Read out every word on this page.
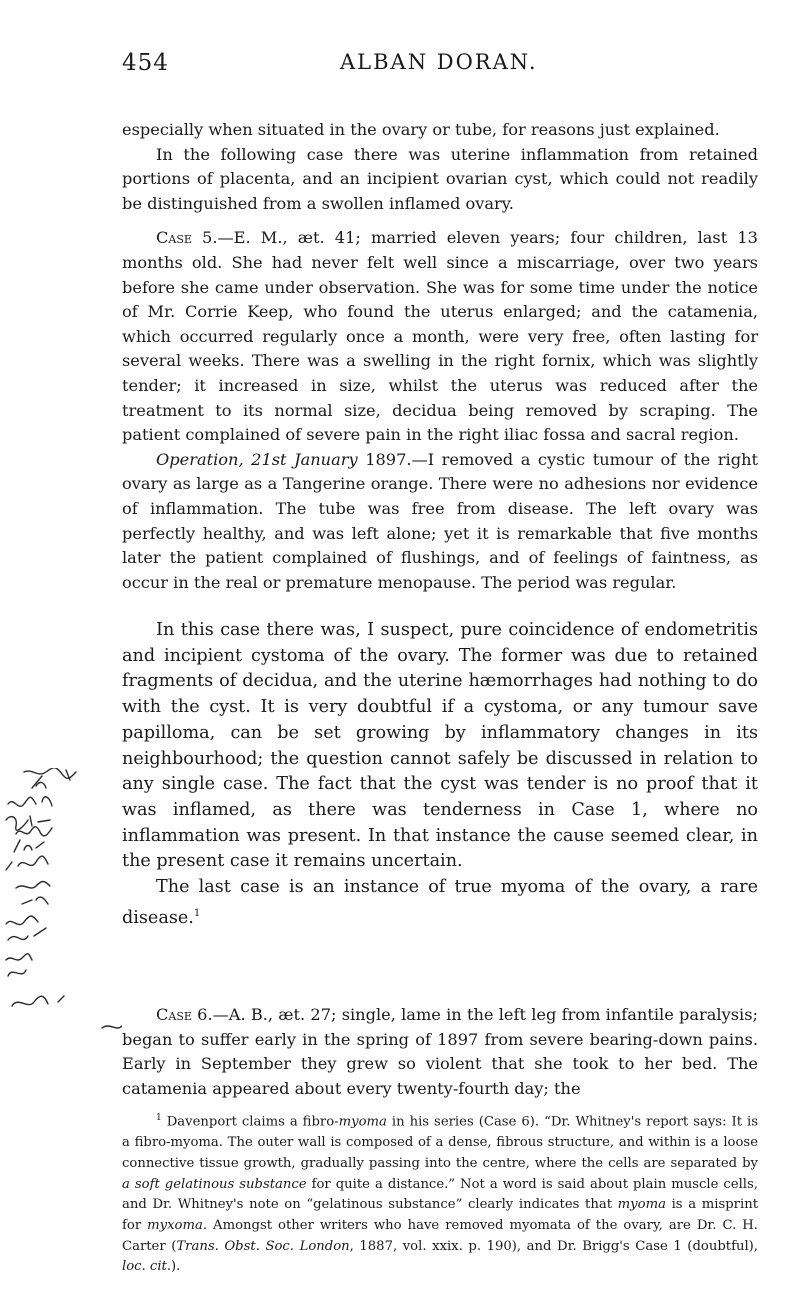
454	ALBAN DORAN.

especially when situated in the ovary or tube, for reasons just explained.

In the following case there was uterine inflammation from retained portions of placenta, and an incipient ovarian cyst, which could not readily be distinguished from a swollen inflamed ovary.

Case 5.—E. M., æt. 41; married eleven years; four children, last 13 months old. She had never felt well since a miscarriage, over two years before she came under observation. She was for some time under the notice of Mr. Corrie Keep, who found the uterus enlarged; and the catamenia, which occurred regularly once a month, were very free, often lasting for several weeks. There was a swelling in the right fornix, which was slightly tender; it increased in size, whilst the uterus was reduced after the treatment to its normal size, decidua being removed by scraping. The patient complained of severe pain in the right iliac fossa and sacral region.

Operation, 21st January 1897.—I removed a cystic tumour of the right ovary as large as a Tangerine orange. There were no adhesions nor evidence of inflammation. The tube was free from disease. The left ovary was perfectly healthy, and was left alone; yet it is remarkable that five months later the patient complained of flushings, and of feelings of faintness, as occur in the real or premature menopause. The period was regular.

In this case there was, I suspect, pure coincidence of endometritis and incipient cystoma of the ovary. The former was due to retained fragments of decidua, and the uterine hæmorrhages had nothing to do with the cyst. It is very doubtful if a cystoma, or any tumour save papilloma, can be set growing by inflammatory changes in its neighbourhood; the question cannot safely be discussed in relation to any single case. The fact that the cyst was tender is no proof that it was inflamed, as there was tenderness in Case 1, where no inflammation was present. In that instance the cause seemed clear, in the present case it remains uncertain.

The last case is an instance of true myoma of the ovary, a rare disease.$^1$

Case 6.—A. B., æt. 27; single, lame in the left leg from infantile paralysis; began to suffer early in the spring of 1897 from severe bearing-down pains. Early in September they grew so violent that she took to her bed. The catamenia appeared about every twenty-fourth day; the

$^1$ Davenport claims a fibro-myoma in his series (Case 6). “Dr. Whitney's report says: It is a fibro-myoma. The outer wall is composed of a dense, fibrous structure, and within is a loose connective tissue growth, gradually passing into the centre, where the cells are separated by a soft gelatinous substance for quite a distance.” Not a word is said about plain muscle cells, and Dr. Whitney's note on “gelatinous substance” clearly indicates that myoma is a misprint for myxoma. Amongst other writers who have removed myomata of the ovary, are Dr. C. H. Carter (Trans. Obst. Soc. London, 1887, vol. xxix. p. 190), and Dr. Brigg's Case 1 (doubtful), loc. cit.).
